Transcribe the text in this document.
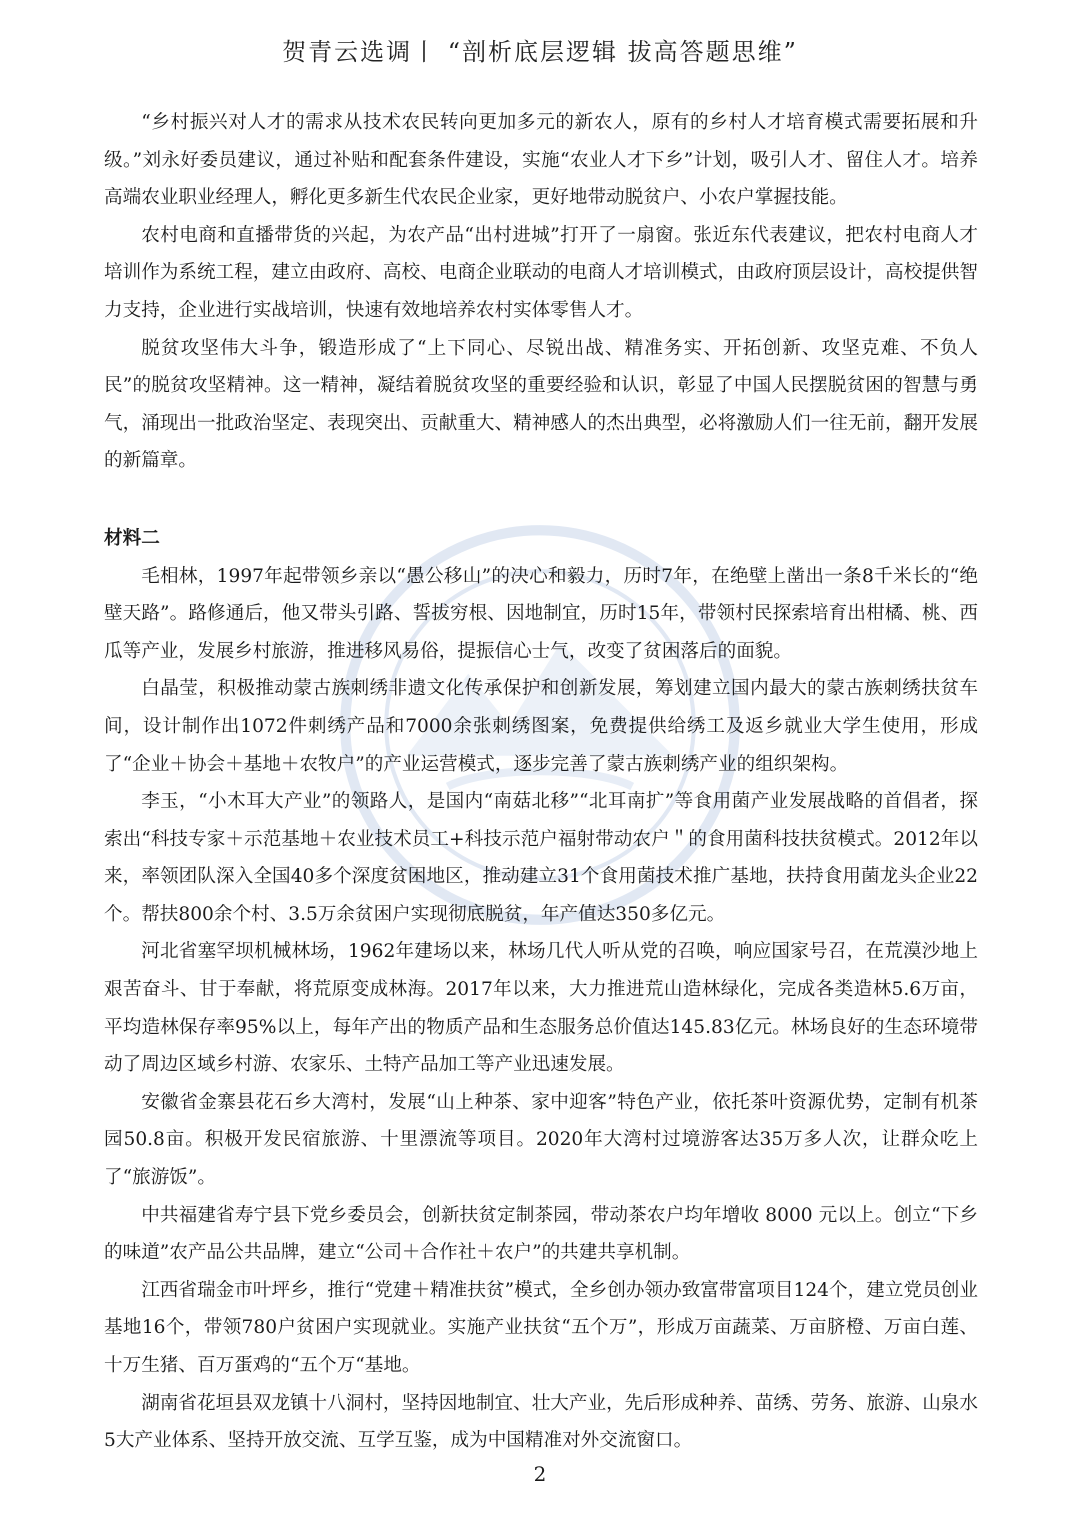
贺青云选调丨 “剖析底层逻辑 拔高答题思维”

“乡村振兴对人才的需求从技术农民转向更加多元的新农人，原有的乡村人才培育模式需要拓展和升级。”刘永好委员建议，通过补贴和配套条件建设，实施“农业人才下乡”计划，吸引人才、留住人才。培养高端农业职业经理人，孵化更多新生代农民企业家，更好地带动脱贫户、小农户掌握技能。

农村电商和直播带货的兴起，为农产品“出村进城”打开了一扇窗。张近东代表建议，把农村电商人才培训作为系统工程，建立由政府、高校、电商企业联动的电商人才培训模式，由政府顶层设计，高校提供智力支持，企业进行实战培训，快速有效地培养农村实体零售人才。

脱贫攻坚伟大斗争，锻造形成了“上下同心、尽锐出战、精准务实、开拓创新、攻坚克难、不负人民”的脱贫攻坚精神。这一精神，凝结着脱贫攻坚的重要经验和认识，彰显了中国人民摆脱贫困的智慧与勇气，涌现出一批政治坚定、表现突出、贡献重大、精神感人的杰出典型，必将激励人们一往无前，翻开发展的新篇章。

材料二

毛相林，1997年起带领乡亲以“愚公移山”的决心和毅力，历时7年，在绝壁上凿出一条8千米长的“绝壁天路”。路修通后，他又带头引路、誓拔穷根、因地制宜，历时15年，带领村民探索培育出柑橘、桃、西瓜等产业，发展乡村旅游，推进移风易俗，提振信心士气，改变了贫困落后的面貌。

白晶莹，积极推动蒙古族刺绣非遗文化传承保护和创新发展，筹划建立国内最大的蒙古族刺绣扶贫车间，设计制作出1072件刺绣产品和7000余张刺绣图案，免费提供给绣工及返乡就业大学生使用，形成了“企业＋协会＋基地＋农牧户”的产业运营模式，逐步完善了蒙古族刺绣产业的组织架构。

李玉，“小木耳大产业”的领路人，是国内“南菇北移”“北耳南扩”等食用菌产业发展战略的首倡者，探索出“科技专家＋示范基地＋农业技术员工+科技示范户福射带动农户＂的食用菌科技扶贫模式。2012年以来，率领团队深入全国40多个深度贫困地区，推动建立31个食用菌技术推广基地，扶持食用菌龙头企业22个。帮扶800余个村、3.5万余贫困户实现彻底脱贫，年产值达350多亿元。

河北省塞罕坝机械林场，1962年建场以来，林场几代人听从党的召唤，响应国家号召，在荒漠沙地上艰苦奋斗、甘于奉献，将荒原变成林海。2017年以来，大力推进荒山造林绿化，完成各类造林5.6万亩，平均造林保存率95%以上，每年产出的物质产品和生态服务总价值达145.83亿元。林场良好的生态环境带动了周边区域乡村游、农家乐、土特产品加工等产业迅速发展。

安徽省金寨县花石乡大湾村，发展“山上种茶、家中迎客”特色产业，依托茶叶资源优势，定制有机茶园50.8亩。积极开发民宿旅游、十里漂流等项目。2020年大湾村过境游客达35万多人次，让群众吃上了“旅游饭”。

中共福建省寿宁县下党乡委员会，创新扶贫定制茶园，带动茶农户均年增收 8000 元以上。创立“下乡的味道”农产品公共品牌，建立“公司＋合作社＋农户”的共建共享机制。

江西省瑞金市叶坪乡，推行“党建＋精准扶贫”模式，全乡创办领办致富带富项目124个，建立党员创业基地16个，带领780户贫困户实现就业。实施产业扶贫“五个万”，形成万亩蔬菜、万亩脐橙、万亩白莲、十万生猪、百万蛋鸡的“五个万“基地。

湖南省花垣县双龙镇十八洞村，坚持因地制宜、壮大产业，先后形成种养、苗绣、劳务、旅游、山泉水5大产业体系、坚持开放交流、互学互鉴，成为中国精准对外交流窗口。

2
